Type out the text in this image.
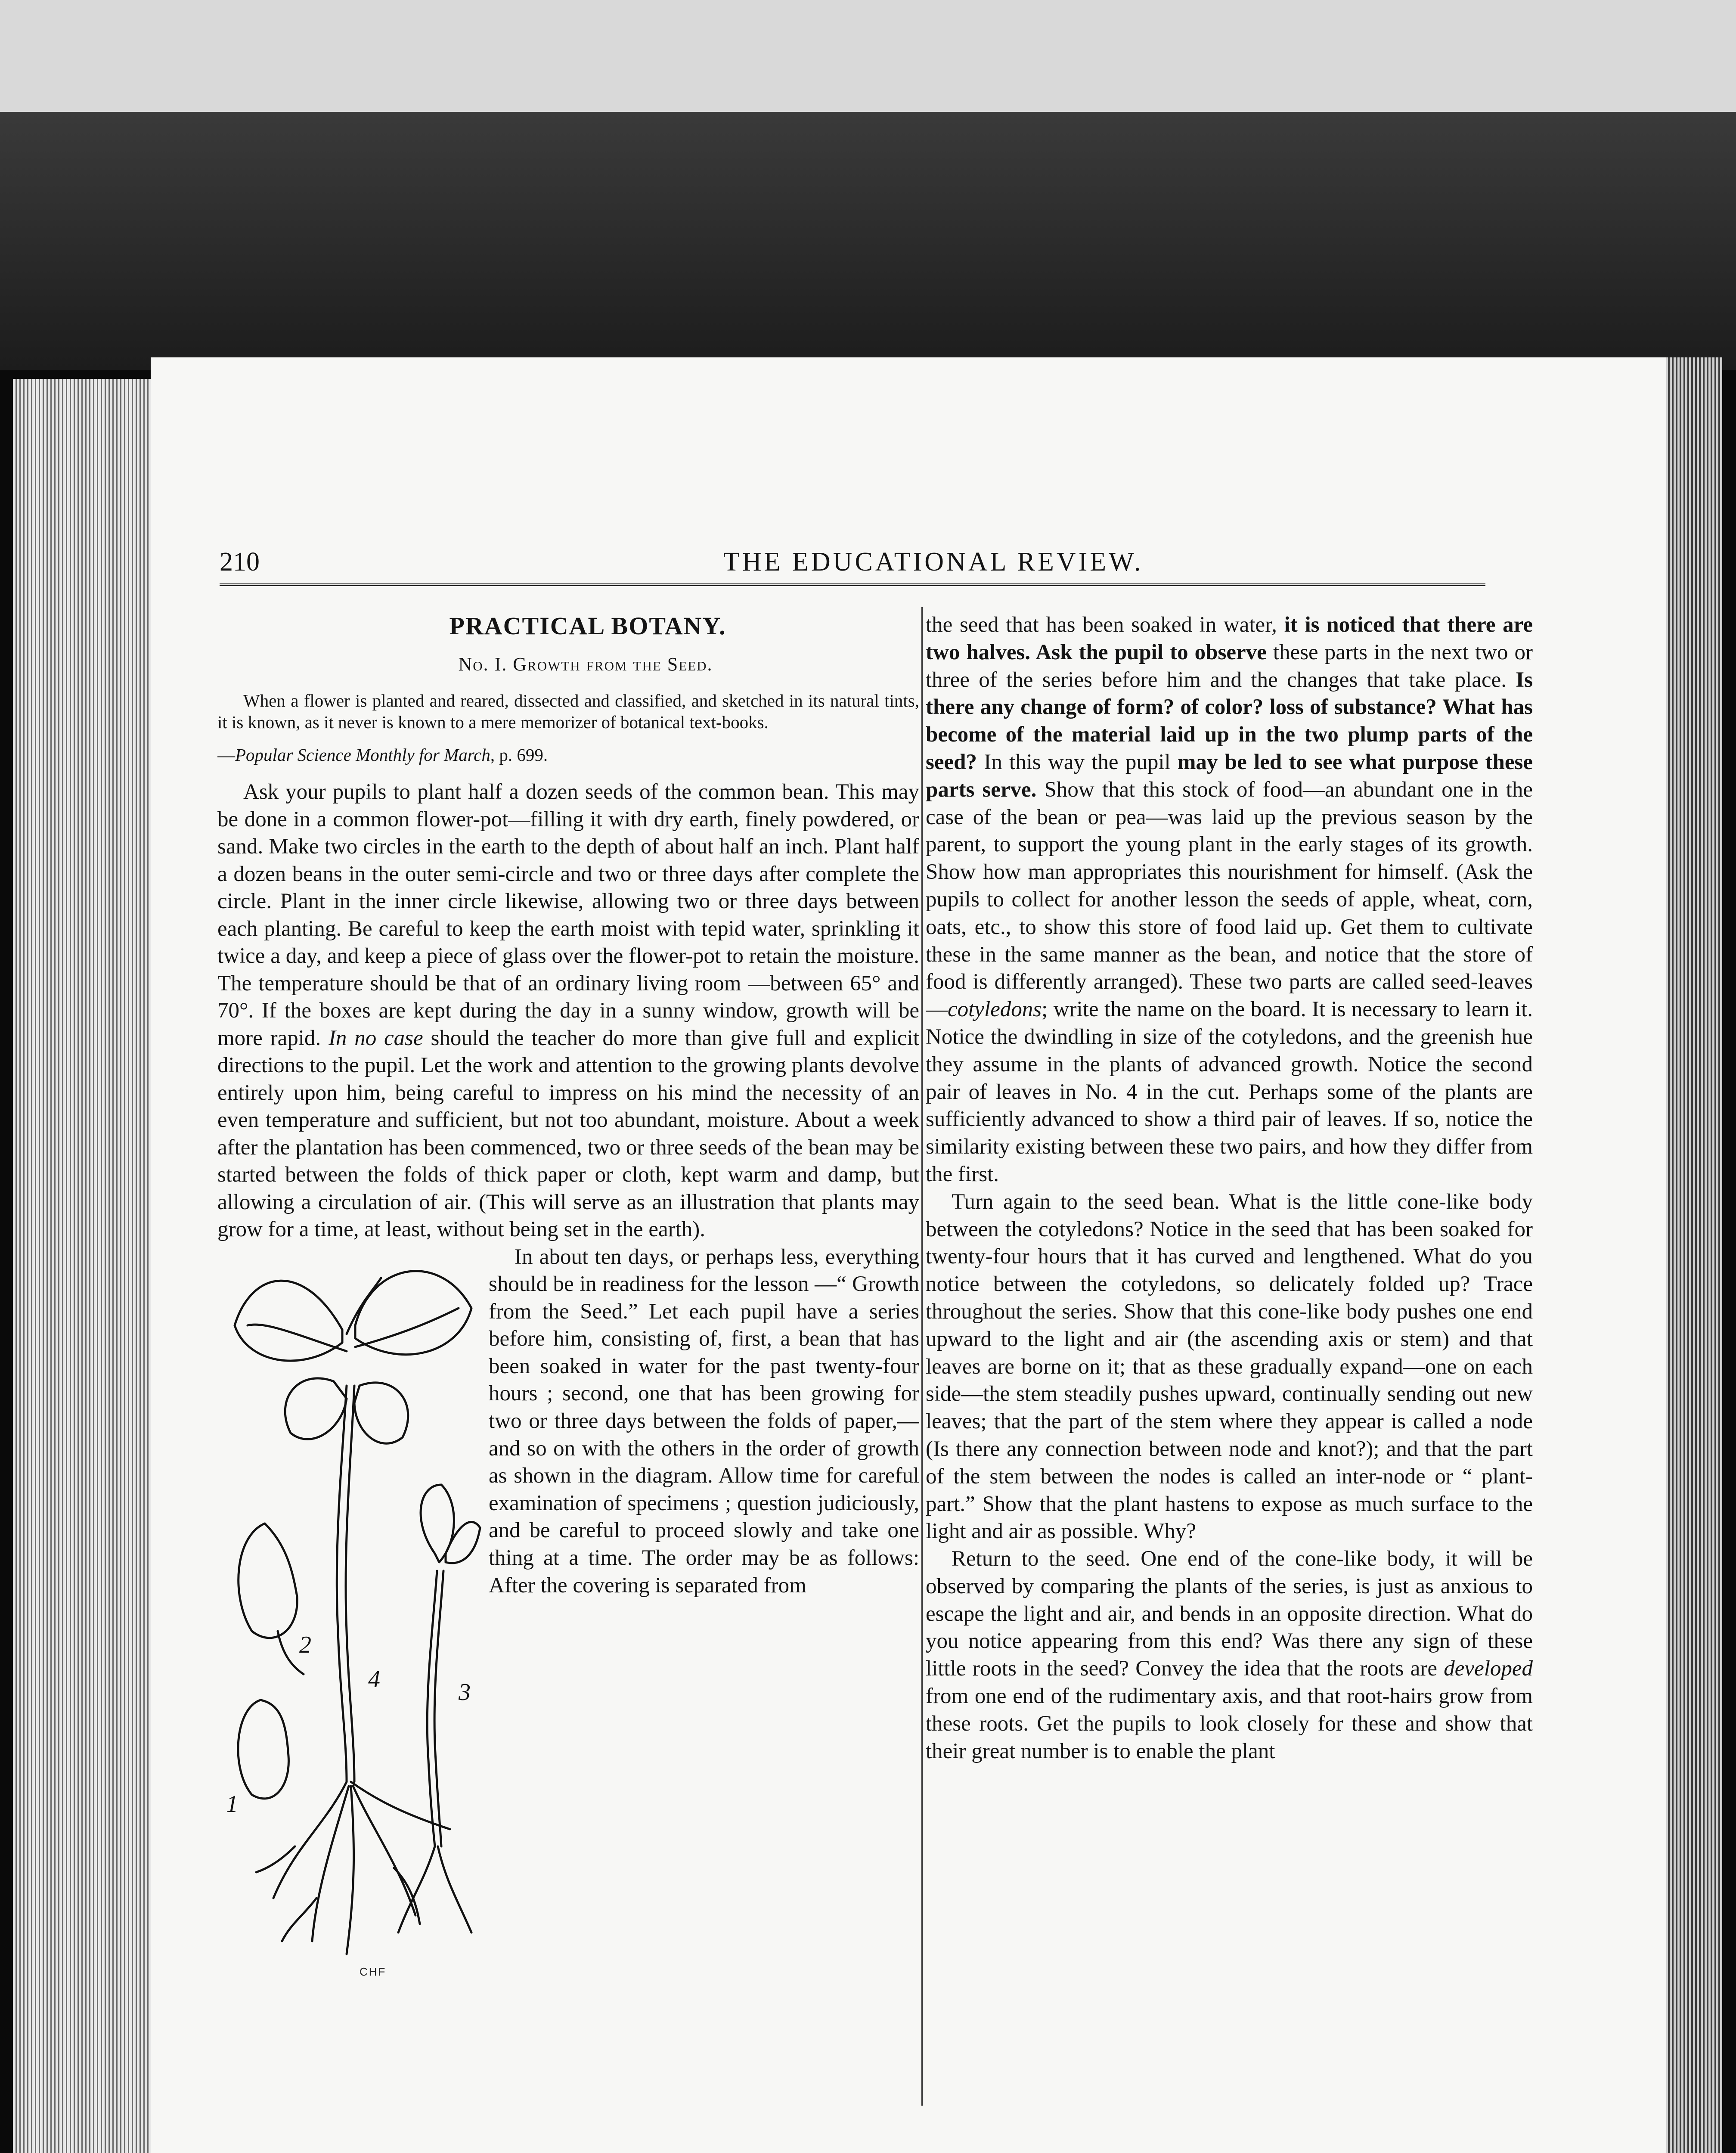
210	THE EDUCATIONAL REVIEW.
PRACTICAL BOTANY.
No. I. Growth from the Seed.

When a flower is planted and reared, dissected and classified, and sketched in its natural tints, it is known, as it never is known to a mere memorizer of botanical text-books.

—Popular Science Monthly for March, p. 699.

Ask your pupils to plant half a dozen seeds of the common bean. This may be done in a common flower-pot—filling it with dry earth, finely powdered, or sand. Make two circles in the earth to the depth of about half an inch. Plant half a dozen beans in the outer semi-circle and two or three days after complete the circle. Plant in the inner circle likewise, allowing two or three days between each planting. Be careful to keep the earth moist with tepid water, sprinkling it twice a day, and keep a piece of glass over the flower-pot to retain the moisture. The temperature should be that of an ordinary living room —between 65° and 70°. If the boxes are kept during the day in a sunny window, growth will be more rapid. In no case should the teacher do more than give full and explicit directions to the pupil. Let the work and attention to the growing plants devolve entirely upon him, being careful to impress on his mind the necessity of an even temperature and sufficient, but not too abundant, moisture. About a week after the plantation has been commenced, two or three seeds of the bean may be started between the folds of thick paper or cloth, kept warm and damp, but allowing a circulation of air. (This will serve as an illustration that plants may grow for a time, at least, without being set in the earth).

1
2
3
4
CHF

In about ten days, or perhaps less, everything should be in readiness for the lesson —“ Growth from the Seed.” Let each pupil have a series before him, consisting of, first, a bean that has been soaked in water for the past twenty-four hours ; second, one that has been growing for two or three days between the folds of paper,—and so on with the others in the order of growth as shown in the diagram. Allow time for careful examination of specimens ; question judiciously, and be careful to proceed slowly and take one thing at a time. The order may be as follows: After the covering is separated from

the seed that has been soaked in water, it is noticed that there are two halves. Ask the pupil to observe these parts in the next two or three of the series before him and the changes that take place. Is there any change of form? of color? loss of substance? What has become of the material laid up in the two plump parts of the seed? In this way the pupil may be led to see what purpose these parts serve. Show that this stock of food—an abundant one in the case of the bean or pea—was laid up the previous season by the parent, to support the young plant in the early stages of its growth. Show how man appropriates this nourishment for himself. (Ask the pupils to collect for another lesson the seeds of apple, wheat, corn, oats, etc., to show this store of food laid up. Get them to cultivate these in the same manner as the bean, and notice that the store of food is differently arranged). These two parts are called seed-leaves—cotyledons; write the name on the board. It is necessary to learn it. Notice the dwindling in size of the cotyledons, and the greenish hue they assume in the plants of advanced growth. Notice the second pair of leaves in No. 4 in the cut. Perhaps some of the plants are sufficiently advanced to show a third pair of leaves. If so, notice the similarity existing between these two pairs, and how they differ from the first.

Turn again to the seed bean. What is the little cone-like body between the cotyledons? Notice in the seed that has been soaked for twenty-four hours that it has curved and lengthened. What do you notice between the cotyledons, so delicately folded up? Trace throughout the series. Show that this cone-like body pushes one end upward to the light and air (the ascending axis or stem) and that leaves are borne on it; that as these gradually expand—one on each side—the stem steadily pushes upward, continually sending out new leaves; that the part of the stem where they appear is called a node (Is there any connection between node and knot?); and that the part of the stem between the nodes is called an inter-node or “ plant-part.” Show that the plant hastens to expose as much surface to the light and air as possible. Why?

Return to the seed. One end of the cone-like body, it will be observed by comparing the plants of the series, is just as anxious to escape the light and air, and bends in an opposite direction. What do you notice appearing from this end? Was there any sign of these little roots in the seed? Convey the idea that the roots are developed from one end of the rudimentary axis, and that root-hairs grow from these roots. Get the pupils to look closely for these and show that their great number is to enable the plant
